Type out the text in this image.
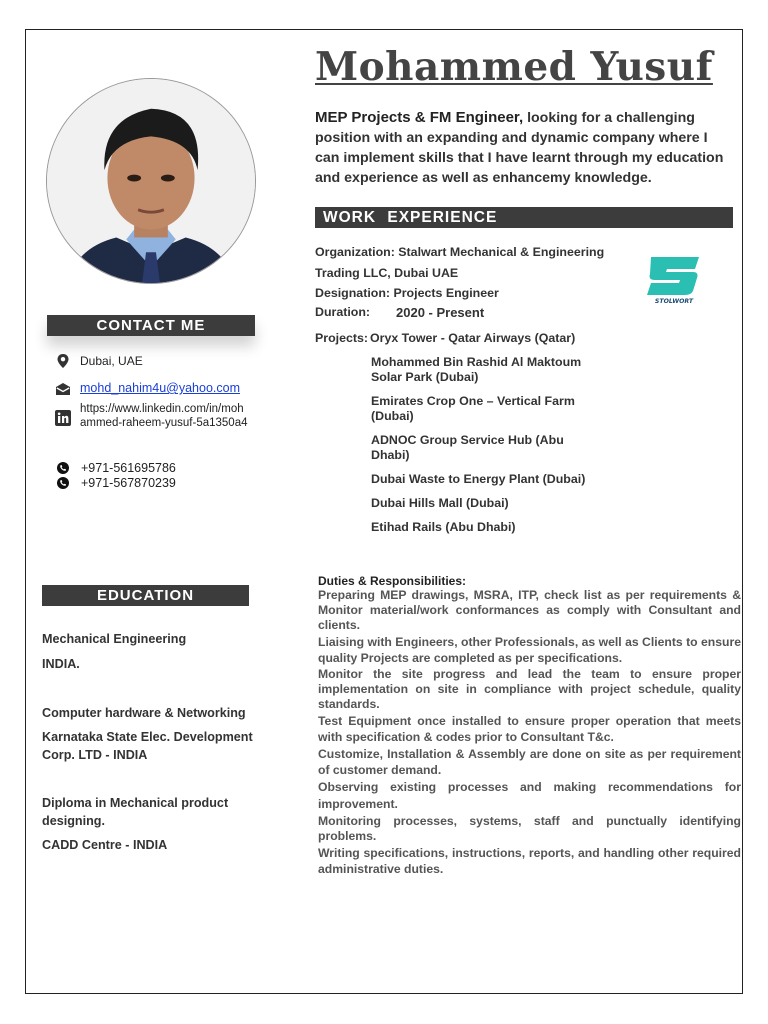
Mohammed Yusuf
MEP Projects & FM Engineer, looking for a challenging position with an expanding and dynamic company where I can implement skills that I have learnt through my education and experience as well as enhancemy knowledge.
CONTACT ME
Dubai, UAE
mohd_nahim4u@yahoo.com
https://www.linkedin.com/in/mohammed-raheem-yusuf-5a1350a4
+971-561695786
+971-567870239
EDUCATION
Mechanical Engineering
INDIA.
Computer hardware & Networking
Karnataka State Elec. Development Corp. LTD - INDIA
Diploma in Mechanical product designing.
CADD Centre - INDIA
WORK EXPERIENCE
Organization: Stalwart Mechanical & Engineering Trading LLC, Dubai UAE
Designation: Projects Engineer
Duration:	2020 - Present
Projects: Oryx Tower - Qatar Airways (Qatar)
Mohammed Bin Rashid Al Maktoum Solar Park (Dubai)
Emirates Crop One – Vertical Farm (Dubai)
ADNOC Group Service Hub (Abu Dhabi)
Dubai Waste to Energy Plant (Dubai)
Dubai Hills Mall (Dubai)
Etihad Rails (Abu Dhabi)
STOLWORT
Duties & Responsibilities:
Preparing MEP drawings, MSRA, ITP, check list as per requirements & Monitor material/work conformances as comply with Consultant and clients.
Liaising with Engineers, other Professionals, as well as Clients to ensure quality Projects are completed as per specifications.
Monitor the site progress and lead the team to ensure proper implementation on site in compliance with project schedule, quality standards.
Test Equipment once installed to ensure proper operation that meets with specification & codes prior to Consultant T&c.
Customize, Installation & Assembly are done on site as per requirement of customer demand.
Observing existing processes and making recommendations for improvement.
Monitoring processes, systems, staff and punctually identifying problems.
Writing specifications, instructions, reports, and handling other required administrative duties.
